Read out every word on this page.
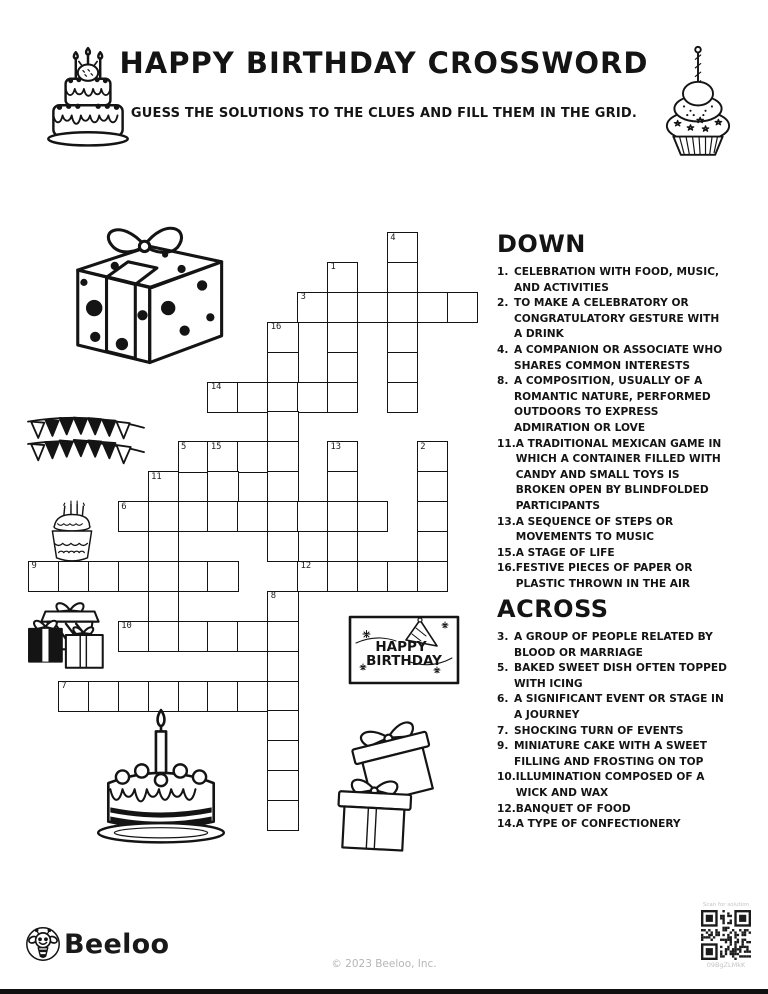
HAPPY BIRTHDAY CROSSWORD
GUESS THE SOLUTIONS TO THE CLUES AND FILL THEM IN THE GRID.
4
1
3
16
14
5	15	13	2
11
6
9	12
8
10
7
HAPPY
BIRTHDAY
DOWN
1. CELEBRATION WITH FOOD, MUSIC, AND ACTIVITIES
2. TO MAKE A CELEBRATORY OR CONGRATULATORY GESTURE WITH A DRINK
4. A COMPANION OR ASSOCIATE WHO SHARES COMMON INTERESTS
8. A COMPOSITION, USUALLY OF A ROMANTIC NATURE, PERFORMED OUTDOORS TO EXPRESS ADMIRATION OR LOVE
11. A TRADITIONAL MEXICAN GAME IN WHICH A CONTAINER FILLED WITH CANDY AND SMALL TOYS IS BROKEN OPEN BY BLINDFOLDED PARTICIPANTS
13. A SEQUENCE OF STEPS OR MOVEMENTS TO MUSIC
15. A STAGE OF LIFE
16. FESTIVE PIECES OF PAPER OR PLASTIC THROWN IN THE AIR
ACROSS
3. A GROUP OF PEOPLE RELATED BY BLOOD OR MARRIAGE
5. BAKED SWEET DISH OFTEN TOPPED WITH ICING
6. A SIGNIFICANT EVENT OR STAGE IN A JOURNEY
7. SHOCKING TURN OF EVENTS
9. MINIATURE CAKE WITH A SWEET FILLING AND FROSTING ON TOP
10. ILLUMINATION COMPOSED OF A WICK AND WAX
12. BANQUET OF FOOD
14. A TYPE OF CONFECTIONERY
Beeloo
© 2023 Beeloo, Inc.
Scan for solution
09BgZLMkK
